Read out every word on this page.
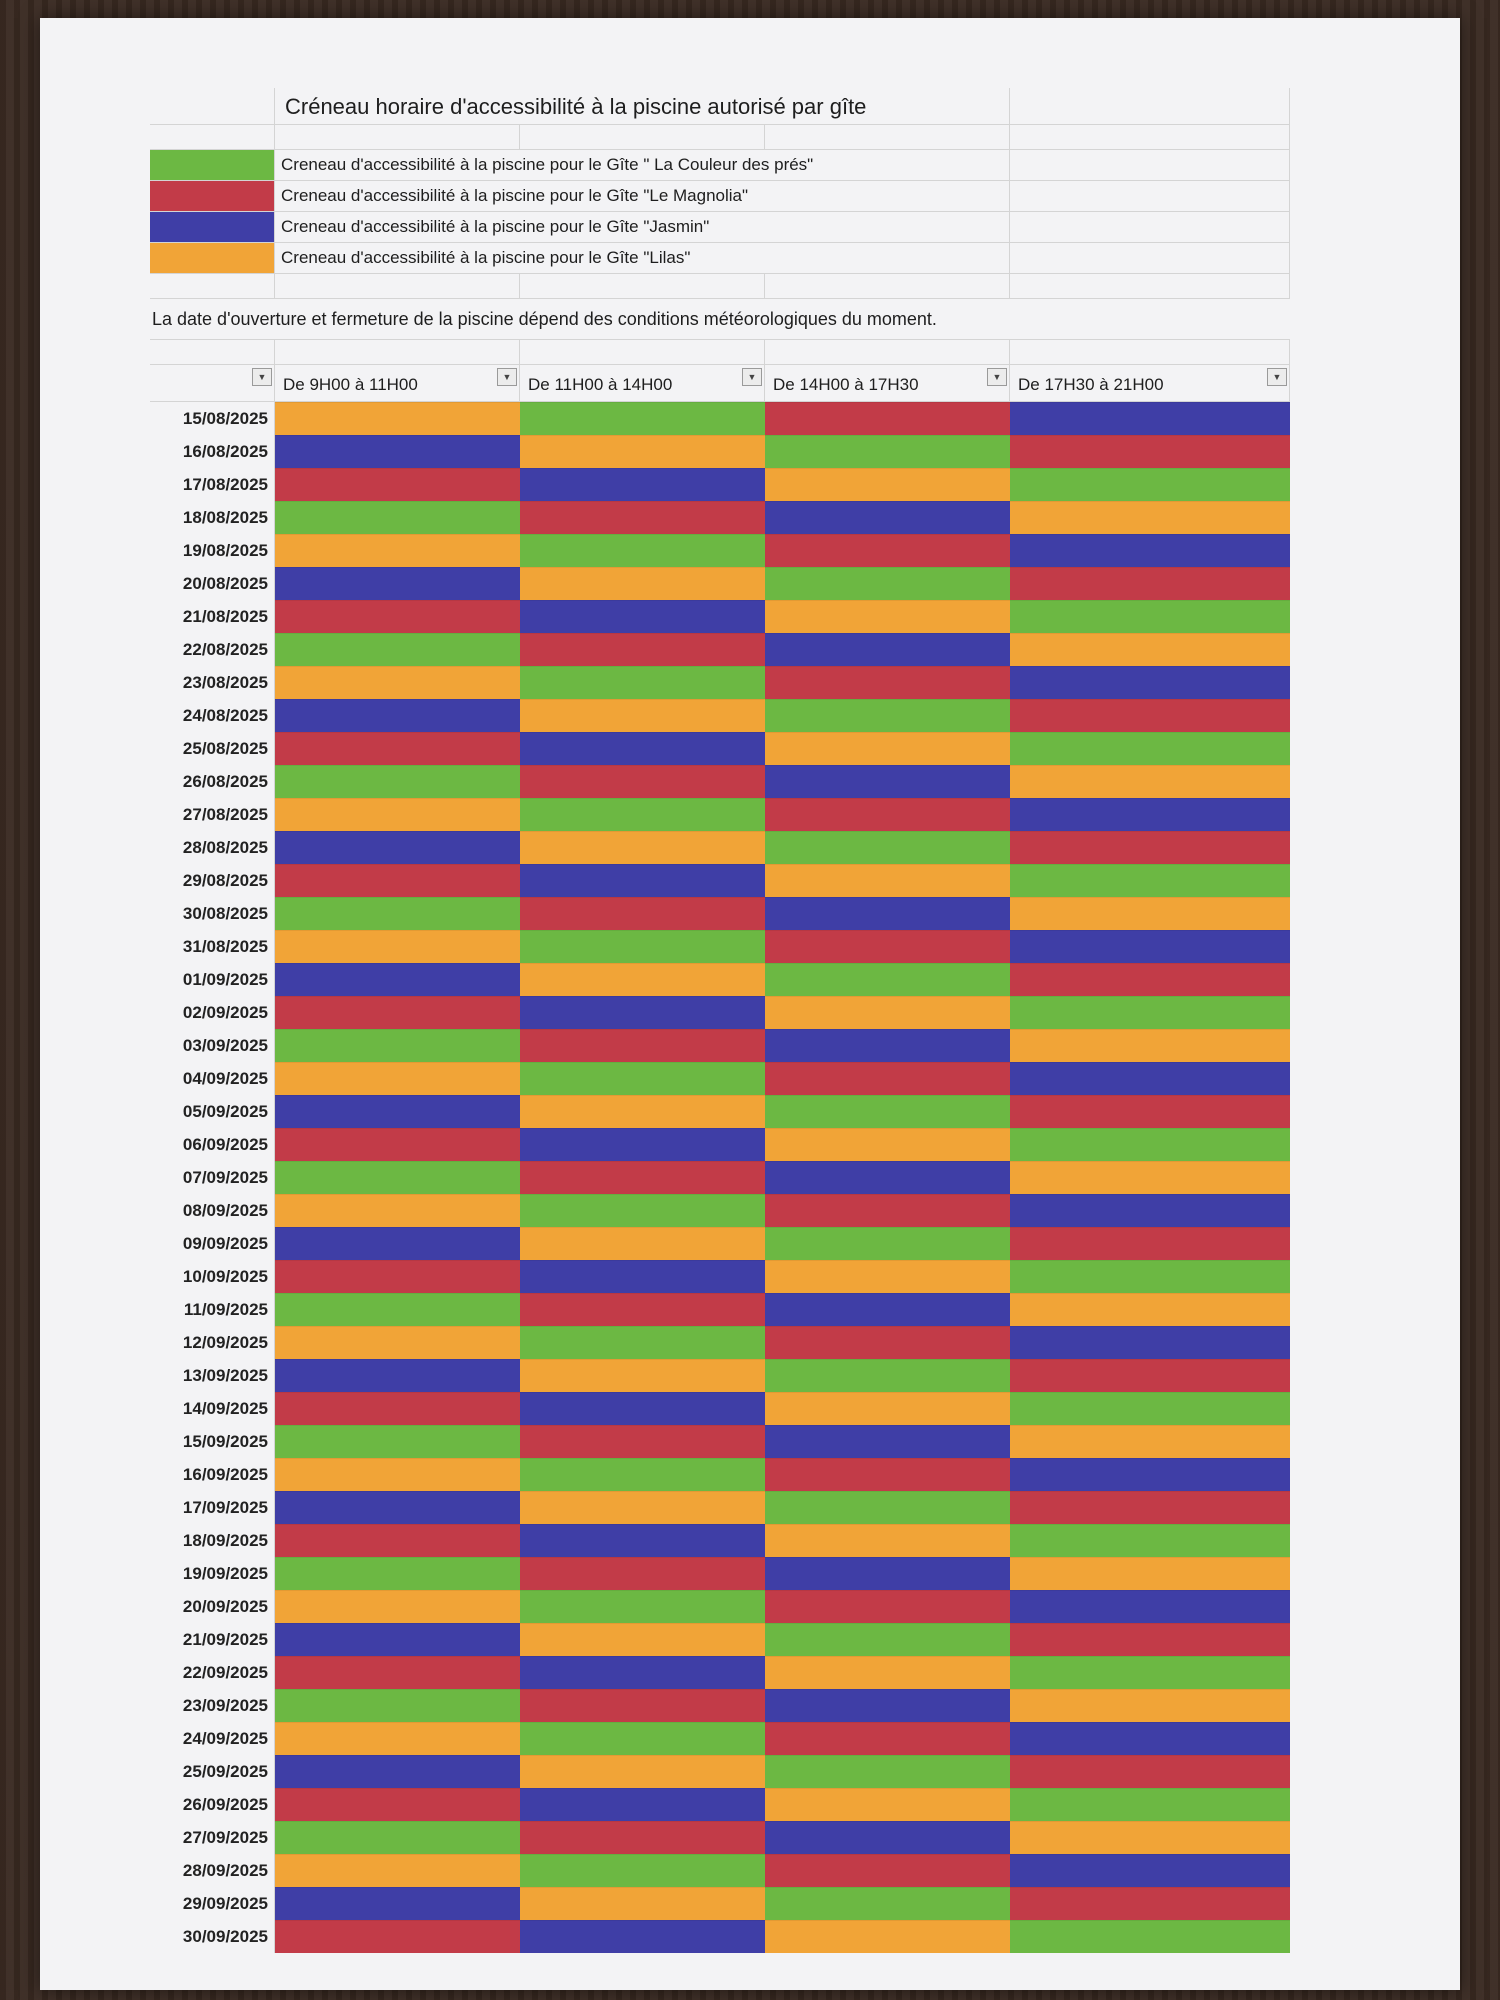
Créneau horaire d'accessibilité à la piscine autorisé par gîte
Creneau d'accessibilité à la piscine pour le Gîte " La Couleur des prés"
Creneau d'accessibilité à la piscine pour le Gîte "Le Magnolia"
Creneau d'accessibilité à la piscine pour le Gîte "Jasmin"
Creneau d'accessibilité à la piscine pour le Gîte "Lilas"
La date d'ouverture et fermeture de la piscine dépend des conditions météorologiques du moment.
▼ De 9H00 à 11H00	▼ De 11H00 à 14H00	▼ De 14H00 à 17H30	▼ De 17H30 à 21H00	▼
15/08/2025
16/08/2025
17/08/2025
18/08/2025
19/08/2025
20/08/2025
21/08/2025
22/08/2025
23/08/2025
24/08/2025
25/08/2025
26/08/2025
27/08/2025
28/08/2025
29/08/2025
30/08/2025
31/08/2025
01/09/2025
02/09/2025
03/09/2025
04/09/2025
05/09/2025
06/09/2025
07/09/2025
08/09/2025
09/09/2025
10/09/2025
11/09/2025
12/09/2025
13/09/2025
14/09/2025
15/09/2025
16/09/2025
17/09/2025
18/09/2025
19/09/2025
20/09/2025
21/09/2025
22/09/2025
23/09/2025
24/09/2025
25/09/2025
26/09/2025
27/09/2025
28/09/2025
29/09/2025
30/09/2025
